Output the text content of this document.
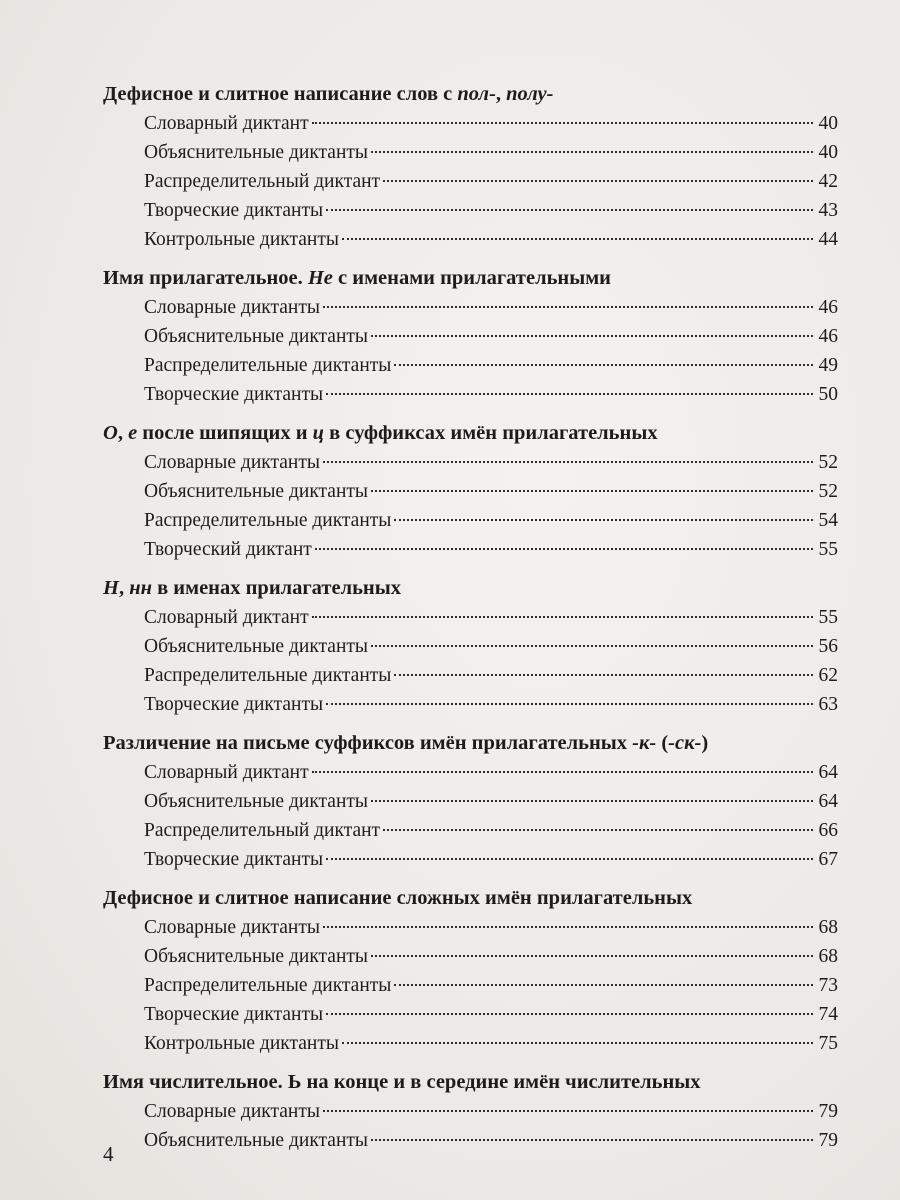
Дефисное и слитное написание слов с пол-, полу-
Словарный диктант	40
Объяснительные диктанты	40
Распределительный диктант	42
Творческие диктанты	43
Контрольные диктанты	44
Имя прилагательное. Не с именами прилагательными
Словарные диктанты	46
Объяснительные диктанты	46
Распределительные диктанты	49
Творческие диктанты	50
О, е после шипящих и ц в суффиксах имён прилагательных
Словарные диктанты	52
Объяснительные диктанты	52
Распределительные диктанты	54
Творческий диктант	55
Н, нн в именах прилагательных
Словарный диктант	55
Объяснительные диктанты	56
Распределительные диктанты	62
Творческие диктанты	63
Различение на письме суффиксов имён прилагательных -к- (-ск-)
Словарный диктант	64
Объяснительные диктанты	64
Распределительный диктант	66
Творческие диктанты	67
Дефисное и слитное написание сложных имён прилагательных
Словарные диктанты	68
Объяснительные диктанты	68
Распределительные диктанты	73
Творческие диктанты	74
Контрольные диктанты	75
Имя числительное. Ь на конце и в середине имён числительных
Словарные диктанты	79
Объяснительные диктанты	79
4
